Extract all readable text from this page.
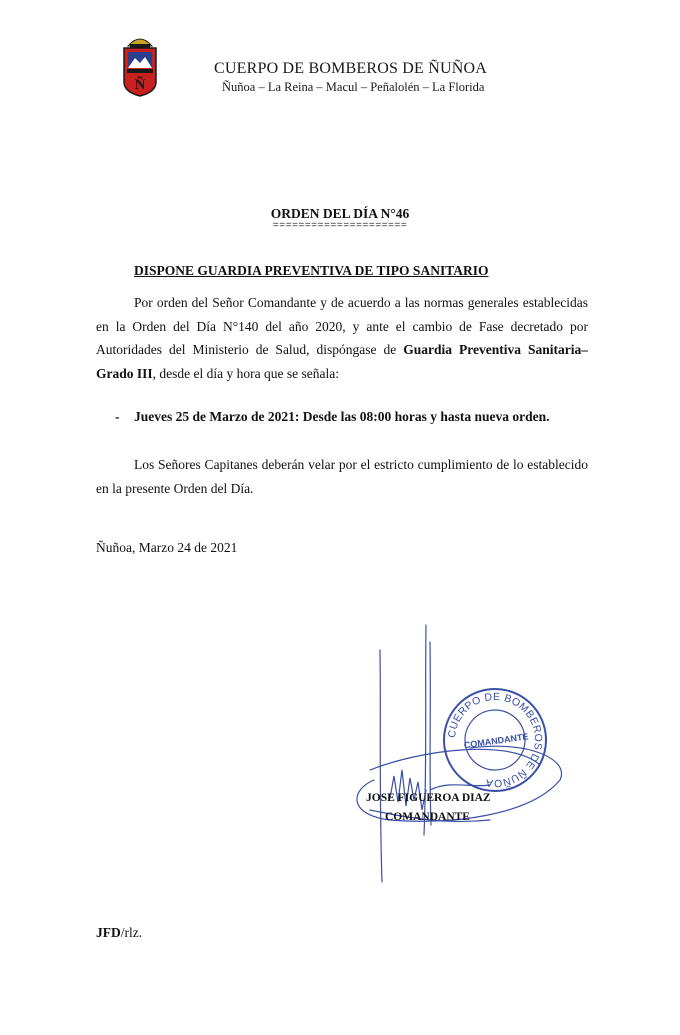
Ñ
CUERPO DE BOMBEROS DE ÑUÑOA
Ñuñoa – La Reina – Macul – Peñalolén – La Florida
ORDEN DEL DÍA N°46
=====================
DISPONE GUARDIA PREVENTIVA DE TIPO SANITARIO
Por orden del Señor Comandante y de acuerdo a las normas generales establecidas en la Orden del Día N°140 del año 2020, y ante el cambio de Fase decretado por Autoridades del Ministerio de Salud, dispóngase de Guardia Preventiva Sanitaria– Grado III, desde el día y hora que se señala:
- Jueves 25 de Marzo de 2021: Desde las 08:00 horas y hasta nueva orden.
Los Señores Capitanes deberán velar por el estricto cumplimiento de lo establecido en la presente Orden del Día.
Ñuñoa, Marzo 24 de 2021
CUERPO DE BOMBEROS DE ÑUÑOA
COMANDANTE
JOSE FIGUEROA DIAZ
COMANDANTE
JFD/rlz.
